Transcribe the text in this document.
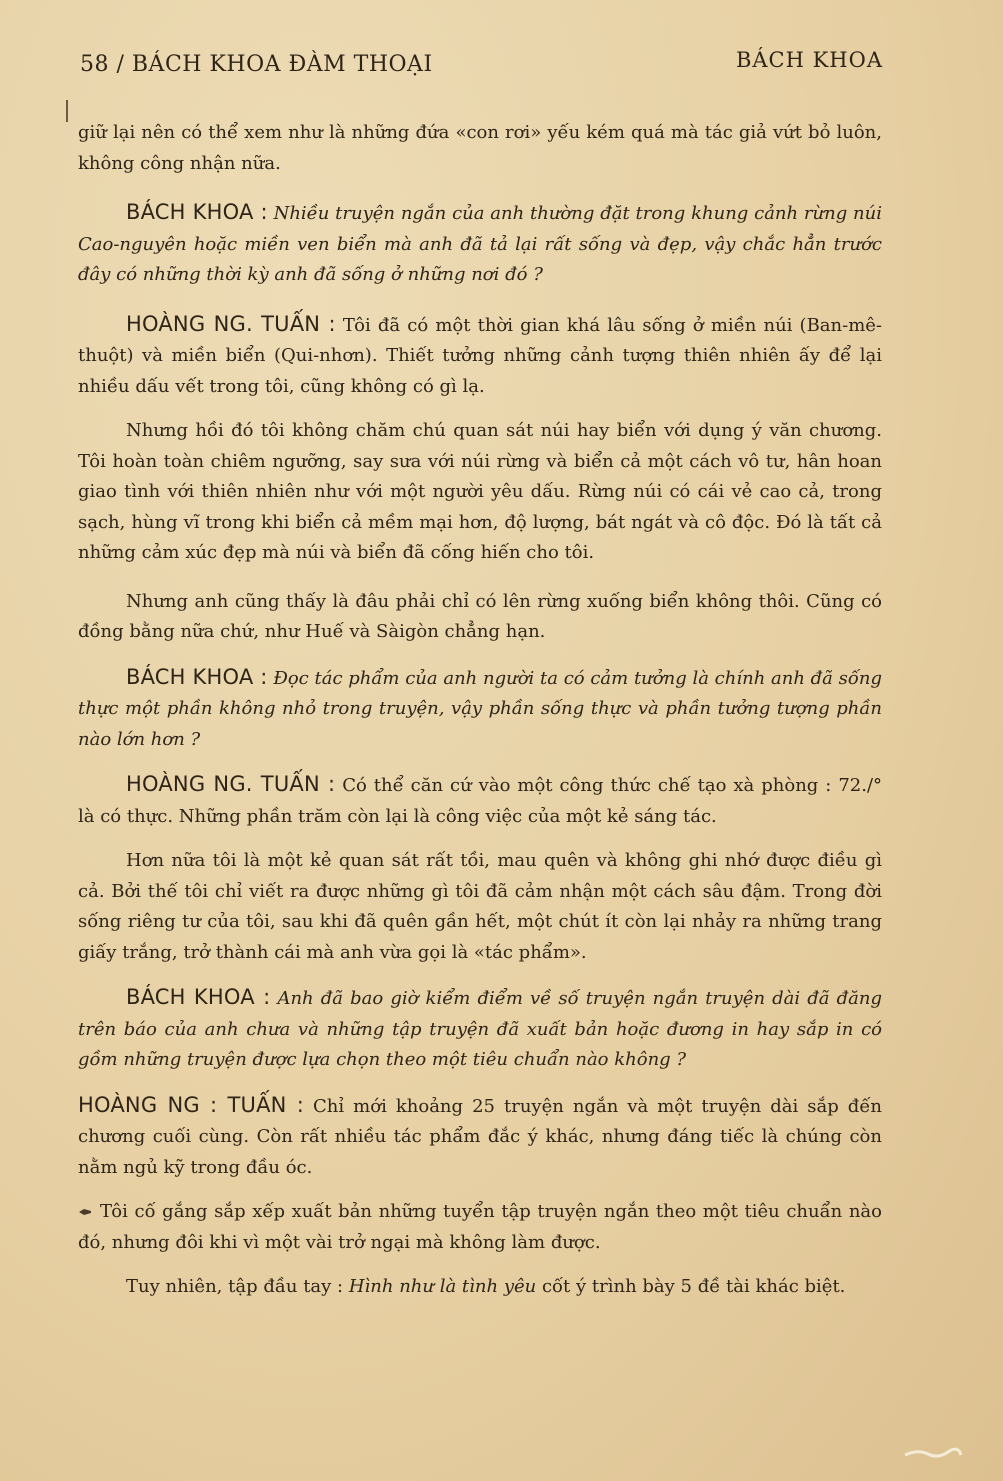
58 / BÁCH KHOA ĐÀM THOẠI	BÁCH KHOA

giữ lại nên có thể xem như là những đứa «con rơi» yếu kém quá mà tác giả vứt bỏ luôn, không công nhận nữa.

BÁCH KHOA : Nhiều truyện ngắn của anh thường đặt trong khung cảnh rừng núi Cao-nguyên hoặc miền ven biển mà anh đã tả lại rất sống và đẹp, vậy chắc hẳn trước đây có những thời kỳ anh đã sống ở những nơi đó ?

HOÀNG NG. TUẤN : Tôi đã có một thời gian khá lâu sống ở miền núi (Ban-mê-thuột) và miền biển (Qui-nhơn). Thiết tưởng những cảnh tượng thiên nhiên ấy để lại nhiều dấu vết trong tôi, cũng không có gì lạ.

Nhưng hồi đó tôi không chăm chú quan sát núi hay biển với dụng ý văn chương. Tôi hoàn toàn chiêm ngưỡng, say sưa với núi rừng và biển cả một cách vô tư, hân hoan giao tình với thiên nhiên như với một người yêu dấu. Rừng núi có cái vẻ cao cả, trong sạch, hùng vĩ trong khi biển cả mềm mại hơn, độ lượng, bát ngát và cô độc. Đó là tất cả những cảm xúc đẹp mà núi và biển đã cống hiến cho tôi.

Nhưng anh cũng thấy là đâu phải chỉ có lên rừng xuống biển không thôi. Cũng có đồng bằng nữa chứ, như Huế và Sàigòn chẳng hạn.

BÁCH KHOA : Đọc tác phẩm của anh người ta có cảm tưởng là chính anh đã sống thực một phần không nhỏ trong truyện, vậy phần sống thực và phần tưởng tượng phần nào lớn hơn ?

HOÀNG NG. TUẤN : Có thể căn cứ vào một công thức chế tạo xà phòng : 72./° là có thực. Những phần trăm còn lại là công việc của một kẻ sáng tác.

Hơn nữa tôi là một kẻ quan sát rất tồi, mau quên và không ghi nhớ được điều gì cả. Bởi thế tôi chỉ viết ra được những gì tôi đã cảm nhận một cách sâu đậm. Trong đời sống riêng tư của tôi, sau khi đã quên gần hết, một chút ít còn lại nhảy ra những trang giấy trắng, trở thành cái mà anh vừa gọi là «tác phẩm».

BÁCH KHOA : Anh đã bao giờ kiểm điểm về số truyện ngắn truyện dài đã đăng trên báo của anh chưa và những tập truyện đã xuất bản hoặc đương in hay sắp in có gồm những truyện được lựa chọn theo một tiêu chuẩn nào không ?

HOÀNG NG : TUẤN : Chỉ mới khoảng 25 truyện ngắn và một truyện dài sắp đến chương cuối cùng. Còn rất nhiều tác phẩm đắc ý khác, nhưng đáng tiếc là chúng còn nằm ngủ kỹ trong đầu óc.

Tôi cố gắng sắp xếp xuất bản những tuyển tập truyện ngắn theo một tiêu chuẩn nào đó, nhưng đôi khi vì một vài trở ngại mà không làm được.

Tuy nhiên, tập đầu tay : Hình như là tình yêu cốt ý trình bày 5 đề tài khác biệt.
